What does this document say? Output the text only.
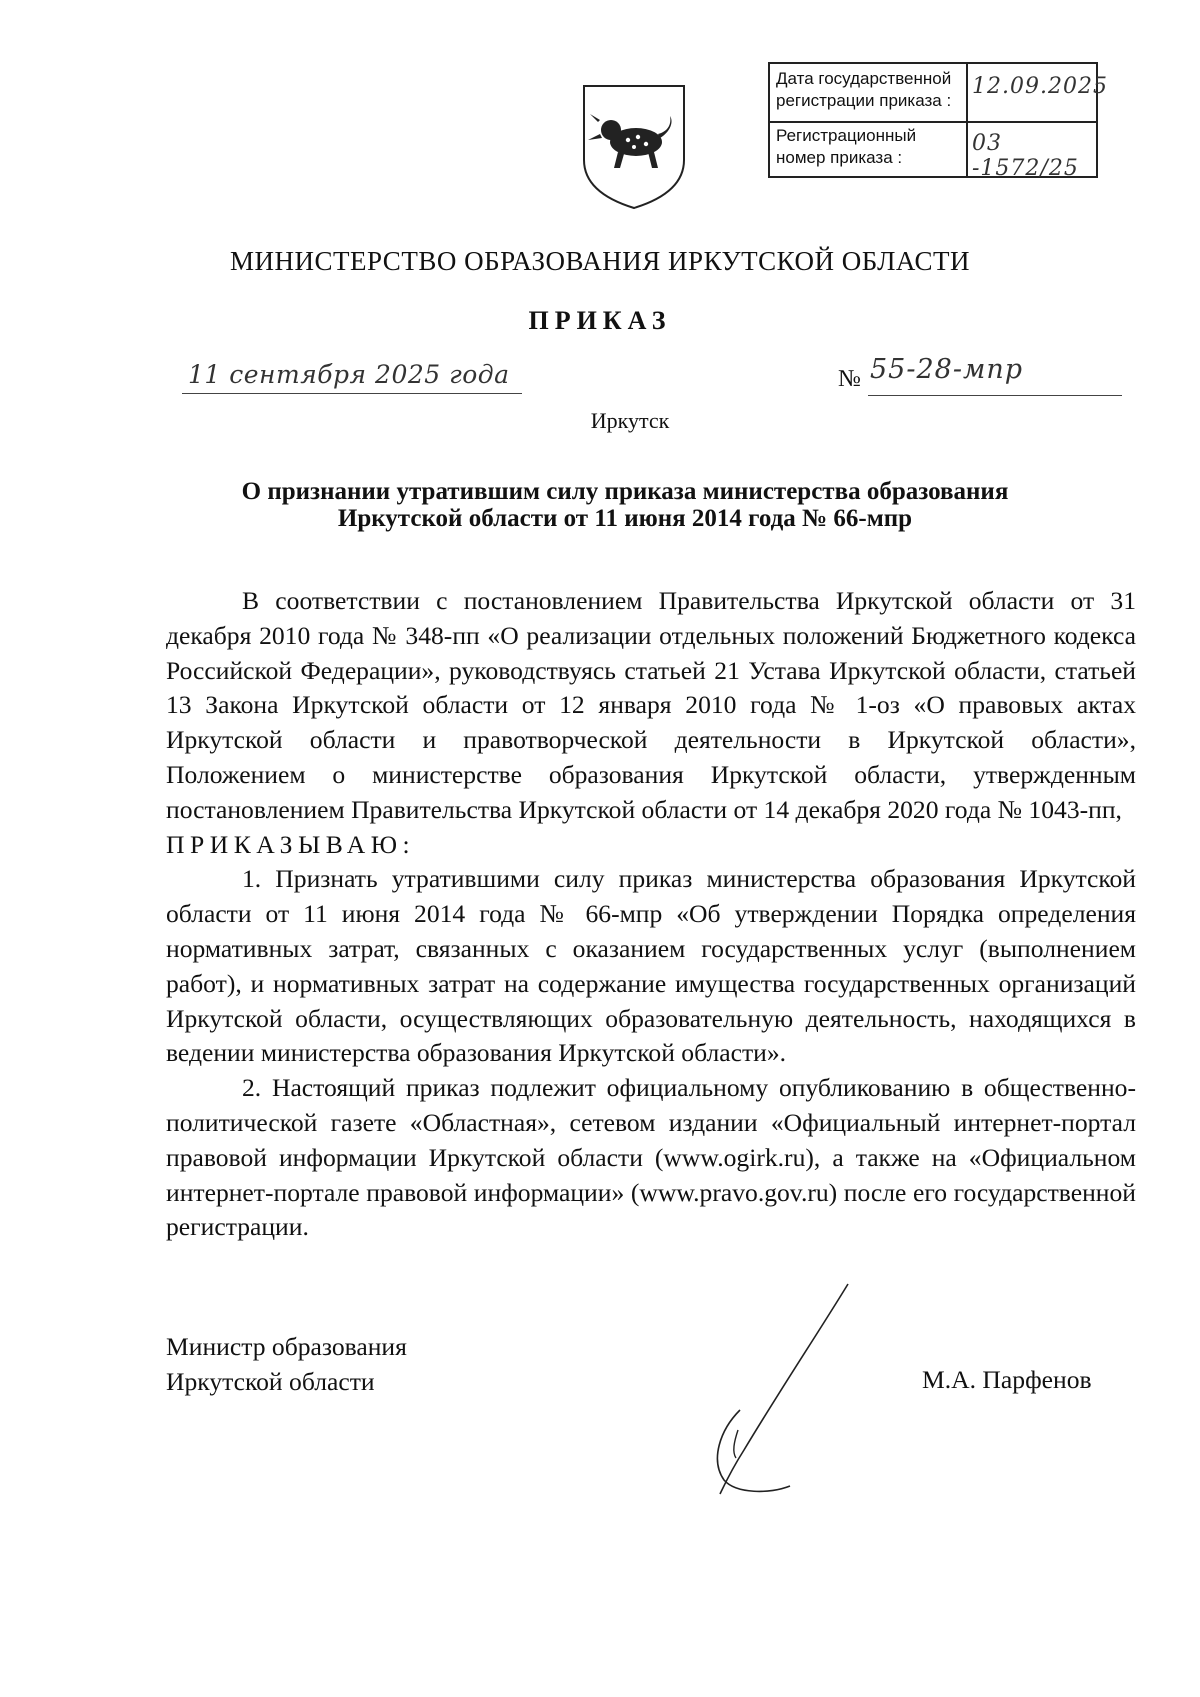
Дата государственной регистрации приказа :
12.09.2025
Регистрационный номер приказа :
03 -1572/25
МИНИСТЕРСТВО ОБРАЗОВАНИЯ ИРКУТСКОЙ ОБЛАСТИ
ПРИКАЗ
11 сентября 2025 года	№ 55-28-мпр
Иркутск
О признании утратившим силу приказа министерства образования
Иркутской области от 11 июня 2014 года № 66-мпр

В соответствии с постановлением Правительства Иркутской области от 31 декабря 2010 года № 348-пп «О реализации отдельных положений Бюджетного кодекса Российской Федерации», руководствуясь статьей 21 Устава Иркутской области, статьей 13 Закона Иркутской области от 12 января 2010 года № 1-оз «О правовых актах Иркутской области и правотворческой деятельности в Иркутской области», Положением о министерстве образования Иркутской области, утвержденным постановлением Правительства Иркутской области от 14 декабря 2020 года № 1043-пп,

ПРИКАЗЫВАЮ:

1. Признать утратившими силу приказ министерства образования Иркутской области от 11 июня 2014 года № 66-мпр «Об утверждении Порядка определения нормативных затрат, связанных с оказанием государственных услуг (выполнением работ), и нормативных затрат на содержание имущества государственных организаций Иркутской области, осуществляющих образовательную деятельность, находящихся в ведении министерства образования Иркутской области».

2. Настоящий приказ подлежит официальному опубликованию в общественно-политической газете «Областная», сетевом издании «Официальный интернет-портал правовой информации Иркутской области (www.ogirk.ru), а также на «Официальном интернет-портале правовой информации» (www.pravo.gov.ru) после его государственной регистрации.

Министр образования
Иркутской области	М.А. Парфенов
